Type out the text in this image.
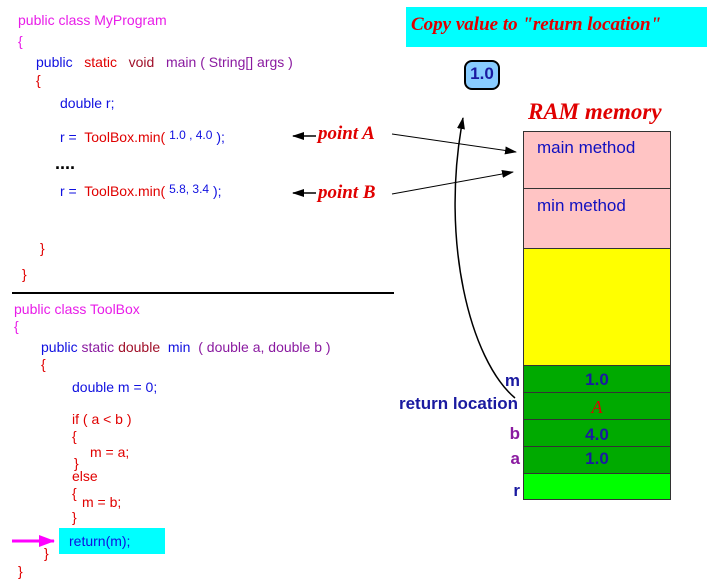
public class MyProgram
{
public static void main ( String[] args )
{
double r;
r = ToolBox.min( 1.0 , 4.0 );
....
r = ToolBox.min( 5.8, 3.4 );
}
}
public class ToolBox
{
public static double min ( double a, double b )
{
double m = 0;
if ( a < b )
{
m = a;
}
else
{
m = b;
}
return(m);
}
}
point A
point B
Copy value to "return location"
1.0
RAM memory
main method
min method
1.0
A
4.0
1.0
m
return location
b
a
r
